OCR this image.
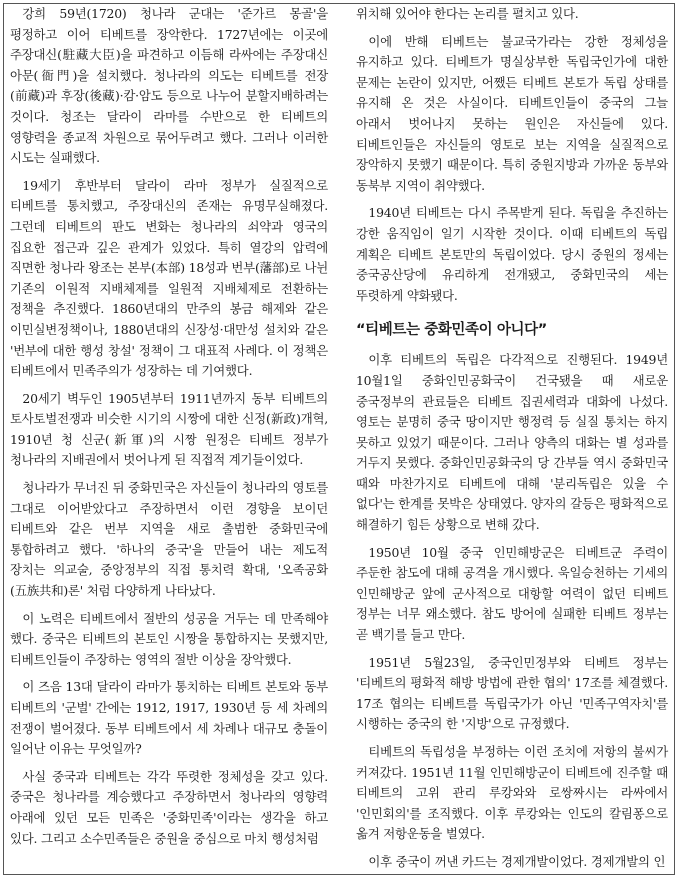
강희 59년(1720) 청나라 군대는 '준가르 몽골'을 평정하고 이어 티베트를 장악한다. 1727년에는 이곳에 주장대신(駐藏大臣)을 파견하고 이듬해 라싸에는 주장대신 아문(衙門)을 설치했다. 청나라의 의도는 티베트를 전장(前藏)과 후장(後藏)·캄·암도 등으로 나누어 분할지배하려는 것이다. 청조는 달라이 라마를 수반으로 한 티베트의 영향력을 종교적 차원으로 묶어두려고 했다. 그러나 이러한 시도는 실패했다.

19세기 후반부터 달라이 라마 정부가 실질적으로 티베트를 통치했고, 주장대신의 존재는 유명무실해졌다. 그런데 티베트의 판도 변화는 청나라의 쇠약과 영국의 집요한 접근과 깊은 관계가 있었다. 특히 열강의 압력에 직면한 청나라 왕조는 본부(本部) 18성과 번부(藩部)로 나뉜 기존의 이원적 지배체제를 일원적 지배체제로 전환하는 정책을 추진했다. 1860년대의 만주의 봉금 해제와 같은 이민실변정책이나, 1880년대의 신장성·대만성 설치와 같은 '번부에 대한 행성 창설' 정책이 그 대표적 사례다. 이 정책은 티베트에서 민족주의가 성장하는 데 기여했다.

20세기 벽두인 1905년부터 1911년까지 동부 티베트의 토사토벌전쟁과 비슷한 시기의 시짱에 대한 신정(新政)개혁, 1910년 청 신군(新軍)의 시짱 원정은 티베트 정부가 청나라의 지배권에서 벗어나게 된 직접적 계기들이었다.

청나라가 무너진 뒤 중화민국은 자신들이 청나라의 영토를 그대로 이어받았다고 주장하면서 이런 경향을 보이던 티베트와 같은 번부 지역을 새로 출범한 중화민국에 통합하려고 했다. '하나의 중국'을 만들어 내는 제도적 장치는 의교술, 중앙정부의 직접 통치력 확대, '오족공화(五族共和)론' 처럼 다양하게 나타났다.

이 노력은 티베트에서 절반의 성공을 거두는 데 만족해야 했다. 중국은 티베트의 본토인 시짱을 통합하지는 못했지만, 티베트인들이 주장하는 영역의 절반 이상을 장악했다.

이 즈음 13대 달라이 라마가 통치하는 티베트 본토와 동부 티베트의 '군벌' 간에는 1912, 1917, 1930년 등 세 차례의 전쟁이 벌어졌다. 동부 티베트에서 세 차례나 대규모 충돌이 일어난 이유는 무엇일까?

사실 중국과 티베트는 각각 뚜렷한 정체성을 갖고 있다. 중국은 청나라를 계승했다고 주장하면서 청나라의 영향력 아래에 있던 모든 민족은 '중화민족'이라는 생각을 하고 있다. 그리고 소수민족들은 중원을 중심으로 마치 행성처럼

위치해 있어야 한다는 논리를 펼치고 있다.

이에 반해 티베트는 불교국가라는 강한 정체성을 유지하고 있다. 티베트가 명실상부한 독립국인가에 대한 문제는 논란이 있지만, 어쨌든 티베트 본토가 독립 상태를 유지해 온 것은 사실이다. 티베트인들이 중국의 그늘 아래서 벗어나지 못하는 원인은 자신들에 있다. 티베트인들은 자신들의 영토로 보는 지역을 실질적으로 장악하지 못했기 때문이다. 특히 중원지방과 가까운 동부와 동북부 지역이 취약했다.

1940년 티베트는 다시 주목받게 된다. 독립을 추진하는 강한 움직임이 일기 시작한 것이다. 이때 티베트의 독립 계획은 티베트 본토만의 독립이었다. 당시 중원의 정세는 중국공산당에 유리하게 전개됐고, 중화민국의 세는 뚜렷하게 약화됐다.

“티베트는 중화민족이 아니다”

이후 티베트의 독립은 다각적으로 진행된다. 1949년 10월1일 중화인민공화국이 건국됐을 때 새로운 중국정부의 관료들은 티베트 집권세력과 대화에 나섰다. 영토는 분명히 중국 땅이지만 행정력 등 실질 통치는 하지 못하고 있었기 때문이다. 그러나 양측의 대화는 별 성과를 거두지 못했다. 중화인민공화국의 당 간부들 역시 중화민국 때와 마찬가지로 티베트에 대해 '분리독립은 있을 수 없다'는 한계를 못박은 상태였다. 양자의 갈등은 평화적으로 해결하기 힘든 상황으로 변해 갔다.

1950년 10월 중국 인민해방군은 티베트군 주력이 주둔한 참도에 대해 공격을 개시했다. 욱일승천하는 기세의 인민해방군 앞에 군사적으로 대항할 여력이 없던 티베트 정부는 너무 왜소했다. 참도 방어에 실패한 티베트 정부는 곧 백기를 들고 만다.

1951년 5월23일, 중국인민정부와 티베트 정부는 '티베트의 평화적 해방 방법에 관한 협의' 17조를 체결했다. 17조 협의는 티베트를 독립국가가 아닌 '민족구역자치'를 시행하는 중국의 한 '지방'으로 규정했다.

티베트의 독립성을 부정하는 이런 조치에 저항의 불씨가 커져갔다. 1951년 11월 인민해방군이 티베트에 진주할 때 티베트의 고위 관리 루캉와와 로쌍짜시는 라싸에서 '인민회의'를 조직했다. 이후 루캉와는 인도의 칼림퐁으로 옮겨 저항운동을 벌였다.

이후 중국이 꺼낸 카드는 경제개발이었다. 경제개발의 인
